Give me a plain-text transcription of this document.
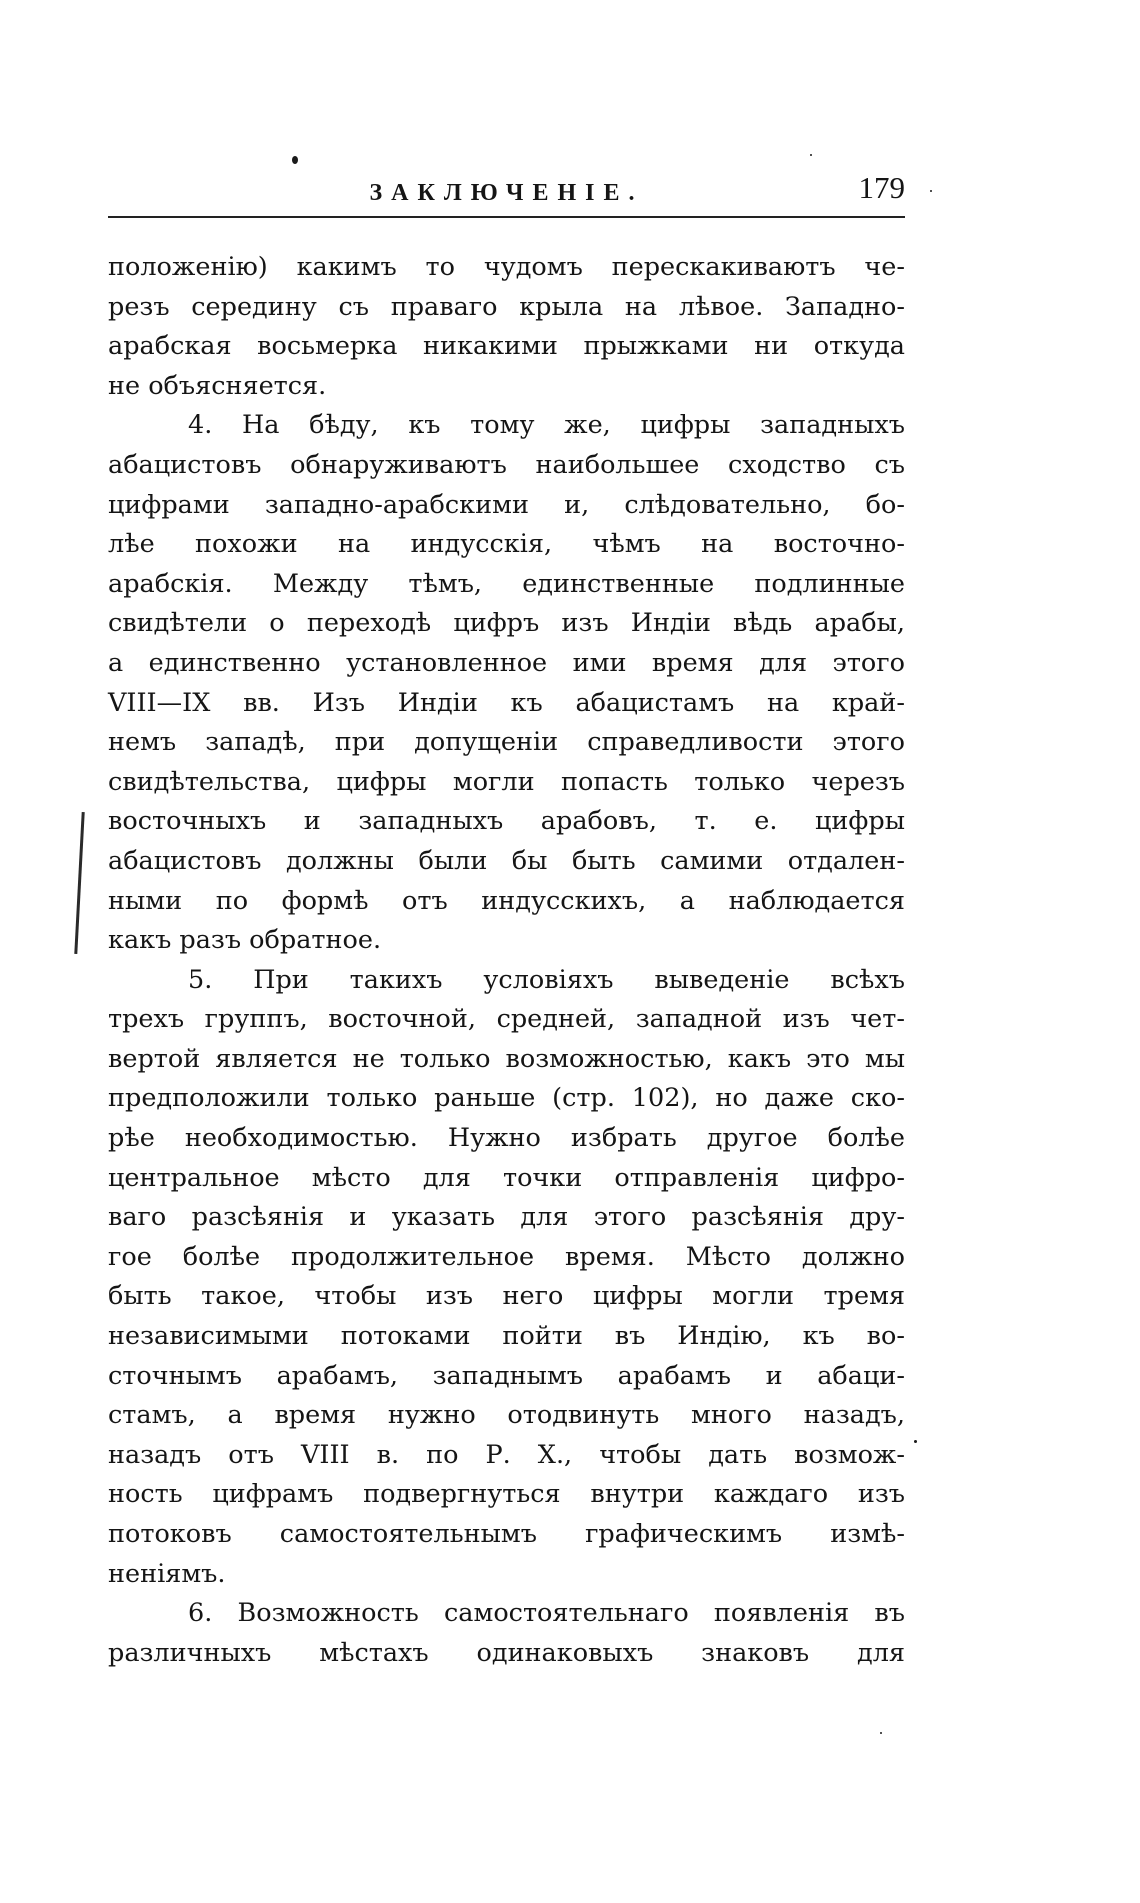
ЗАКЛЮЧЕНІЕ.	179

положенію) какимъ то чудомъ перескакиваютъ че-

резъ середину съ праваго крыла на лѣвое. Западно-

арабская восьмерка никакими прыжками ни откуда

не объясняется.

4. На бѣду, къ тому же, цифры западныхъ

абацистовъ обнаруживаютъ наибольшее сходство съ

цифрами западно-арабскими и, слѣдовательно, бо-

лѣе похожи на индусскія, чѣмъ на восточно-

арабскія. Между тѣмъ, единственные подлинные

свидѣтели о переходѣ цифръ изъ Индіи вѣдь арабы,

а единственно установленное ими время для этого

VIII—IX вв. Изъ Индіи къ абацистамъ на край-

немъ западѣ, при допущеніи справедливости этого

свидѣтельства, цифры могли попасть только черезъ

восточныхъ и западныхъ арабовъ, т. е. цифры

абацистовъ должны были бы быть самими отдален-

ными по формѣ отъ индусскихъ, а наблюдается

какъ разъ обратное.

5. При такихъ условіяхъ выведеніе всѣхъ

трехъ группъ, восточной, средней, западной изъ чет-

вертой является не только возможностью, какъ это мы

предположили только раньше (стр. 102), но даже ско-

рѣе необходимостью. Нужно избрать другое болѣе

центральное мѣсто для точки отправленія цифро-

ваго разсѣянія и указать для этого разсѣянія дру-

гое болѣе продолжительное время. Мѣсто должно

быть такое, чтобы изъ него цифры могли тремя

независимыми потоками пойти въ Индію, къ во-

сточнымъ арабамъ, западнымъ арабамъ и абаци-

стамъ, а время нужно отодвинуть много назадъ,

назадъ отъ VIII в. по Р. Х., чтобы дать возмож-

ность цифрамъ подвергнуться внутри каждаго изъ

потоковъ самостоятельнымъ графическимъ измѣ-

неніямъ.

6. Возможность самостоятельнаго появленія въ

различныхъ мѣстахъ одинаковыхъ знаковъ для
